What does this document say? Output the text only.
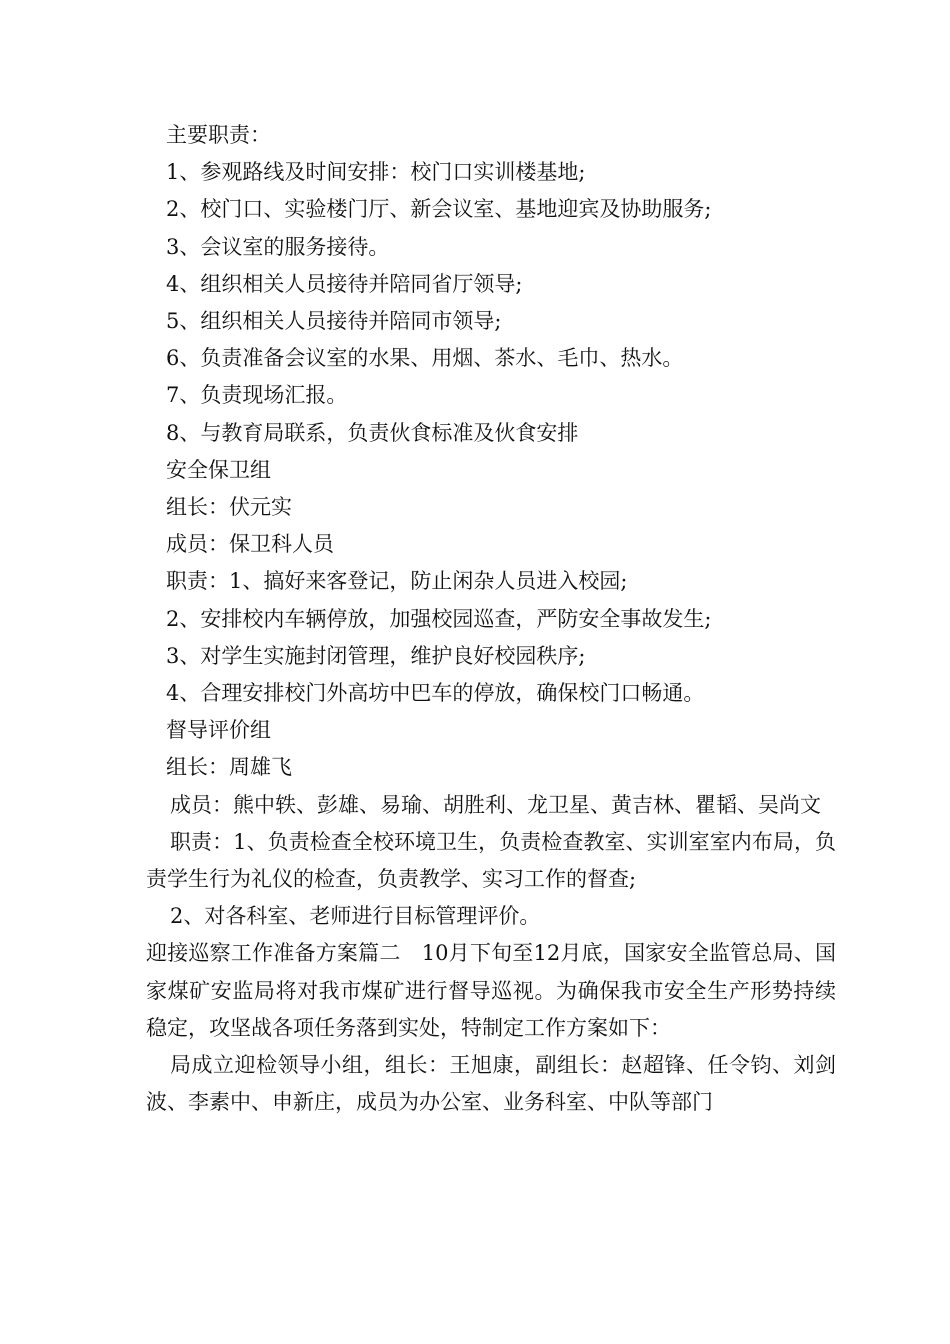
主要职责：

1、参观路线及时间安排：校门口实训楼基地;

2、校门口、实验楼门厅、新会议室、基地迎宾及协助服务;

3、会议室的服务接待。

4、组织相关人员接待并陪同省厅领导;

5、组织相关人员接待并陪同市领导;

6、负责准备会议室的水果、用烟、茶水、毛巾、热水。

7、负责现场汇报。

8、与教育局联系，负责伙食标准及伙食安排

安全保卫组

组长：伏元实

成员：保卫科人员

职责：1、搞好来客登记，防止闲杂人员进入校园;

2、安排校内车辆停放，加强校园巡查，严防安全事故发生;

3、对学生实施封闭管理，维护良好校园秩序;

4、合理安排校门外高坊中巴车的停放，确保校门口畅通。

督导评价组

组长：周雄飞

成员：熊中轶、彭雄、易瑜、胡胜利、龙卫星、黄吉林、瞿韬、吴尚文

职责：1、负责检查全校环境卫生，负责检查教室、实训室室内布局，负责学生行为礼仪的检查，负责教学、实习工作的督查;

2、对各科室、老师进行目标管理评价。

迎接巡察工作准备方案篇二　10月下旬至12月底，国家安全监管总局、国家煤矿安监局将对我市煤矿进行督导巡视。为确保我市安全生产形势持续稳定，攻坚战各项任务落到实处，特制定工作方案如下：

局成立迎检领导小组，组长：王旭康，副组长：赵超锋、任令钧、刘剑波、李素中、申新庄，成员为办公室、业务科室、中队等部门
